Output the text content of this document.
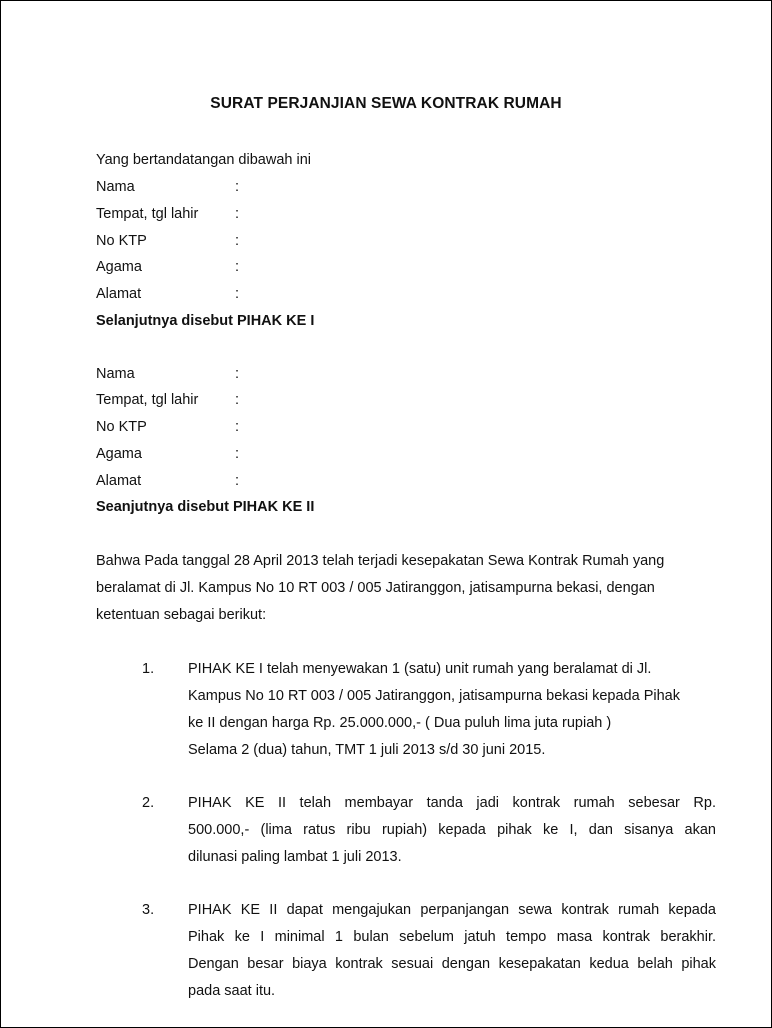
SURAT PERJANJIAN SEWA KONTRAK RUMAH
Yang bertandatangan dibawah ini
Nama	:
Tempat, tgl lahir	:
No KTP	:
Agama	:
Alamat	:
Selanjutnya disebut PIHAK KE I
Nama	:
Tempat, tgl lahir	:
No KTP	:
Agama	:
Alamat	:
Seanjutnya disebut PIHAK KE II
Bahwa Pada tanggal 28 April 2013 telah terjadi kesepakatan Sewa Kontrak Rumah yang
beralamat di Jl. Kampus No 10 RT 003 / 005 Jatiranggon, jatisampurna bekasi, dengan
ketentuan sebagai berikut:
1. PIHAK KE I telah menyewakan 1 (satu) unit rumah yang beralamat di Jl.
Kampus No 10 RT 003 / 005 Jatiranggon, jatisampurna bekasi kepada Pihak
ke II dengan harga Rp. 25.000.000,- ( Dua puluh lima juta rupiah )
Selama 2 (dua) tahun, TMT 1 juli 2013 s/d 30 juni 2015.
2. PIHAK KE II telah membayar tanda jadi kontrak rumah sebesar Rp.
500.000,- (lima ratus ribu rupiah) kepada pihak ke I, dan sisanya akan
dilunasi paling lambat 1 juli 2013.
3. PIHAK KE II dapat mengajukan perpanjangan sewa kontrak rumah kepada
Pihak ke I minimal 1 bulan sebelum jatuh tempo masa kontrak berakhir.
Dengan besar biaya kontrak sesuai dengan kesepakatan kedua belah pihak
pada saat itu.
